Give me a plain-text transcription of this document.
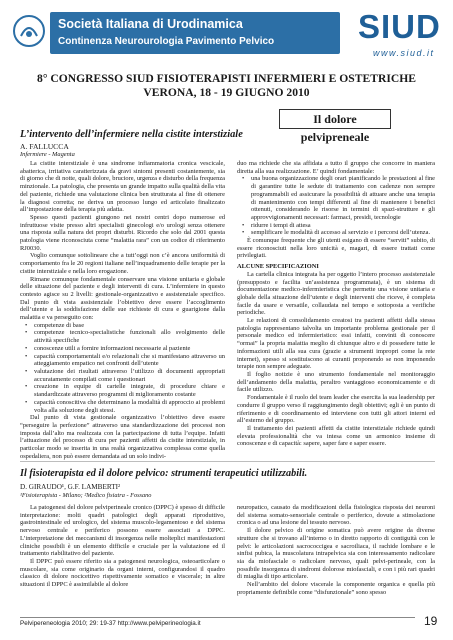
Società Italiana di Urodinamica
Continenza Neurourologia Pavimento Pelvico	SIUD
www.siud.it
8° CONGRESSO SIUD FISIOTERAPISTI INFERMIERI E OSTETRICHE
VERONA, 18 - 19 GIUGNO 2010
Il dolore pelvipreneale
L’intervento dell’infermiere nella cistite interstiziale
A. FALLUCCA
Infermiere - Magenta

La cistite interstiziale è una sindrome infiammatoria cronica vescicale, abatterica, irritativa caratterizzata da gravi sintomi presenti costantemente, sia di giorno che di notte, quali dolore, bruciore, urgenza e disturbo della frequenza minzionale. La patologia, che presenta un grande impatto sulla qualità della vita del paziente, richiede una valutazione clinica ben strutturata al fine di ottenere la diagnosi corretta; ne deriva un processo lungo ed articolato finalizzato all’impostazione della terapia più adatta.

Spesso questi pazienti giungono nei nostri centri dopo numerose ed infruttuose visite presso altri specialisti ginecologi e/o urologi senza ottenere una risposta sulla natura dei propri disturbi. Ricordo che solo dal 2001 questa patologia viene riconosciuta come “malattia rara” con un codice di riferimento RJ0030.

Voglio comunque sottolineare che a tutt’oggi non c’è ancora uniformità di comportamento fra le 20 regioni italiane nell’inquadramento delle terapie per la cistite interstiziale e nella loro erogazione.

Rimane comunque fondamentale conservare una visione unitaria e globale delle situazione del paziente e degli interventi di cura. L’infermiere in questo contesto agisce su 2 livelli: gestionale-organizzativo e assistenziale specifico. Dal punto di vista assistenziale l’obiettivo deve essere l’accoglimento dell’utente e la soddisfazione delle sue richieste di cura e guarigione dalla malattia e va perseguito con:

• competenze di base
• competenze tecnico-specialistiche funzionali allo svolgimento delle attività specifiche
• conoscenze utili a fornire informazioni necessarie al paziente
• capacità comportamentali e/o relazionali che si manifestano attraverso un atteggiamento empatico nei confronti dell’utente
• valutazione dei risultati attraverso l’utilizzo di documenti appropriati accuratamente compilati come i questionari
• creazione in equipe di cartelle integrate, di procedure chiare e standardizzate attraverso programmi di miglioramento costante
• capacità conoscitiva che determinano la modalità di approccio ai problemi volta alla soluzione degli stessi.

Dal punto di vista gestionale organizzativo l’obiettivo deve essere “perseguire la perfezione” attraverso una standardizzazione dei processi non imposta dall’alto ma realizzata con la partecipazione di tutta l’equipe. Infatti l’attuazione del processo di cura per pazienti affetti da cistite interstiziale, in particolar modo se inserita in una realtà organizzativa complessa come quella ospedaliera, non può essere demandata ad un solo indivi-

duo ma richiede che sia affidata a tutto il gruppo che concorre in maniera diretta alla sua realizzazione. E’ quindi fondamentale:

• una buona organizzazione degli orari pianificando le prestazioni al fine di garantire tutte le sedute di trattamento con cadenze non sempre programmabili ed assicurare la possibilità di attuare anche una terapia di mantenimento con tempi differenti al fine di mantenere i benefici ottenuti, considerando le risorse in termini di spazi-strutture e gli approvvigionamenti necessari: farmaci, presidi, tecnologie
• ridurre i tempi di attesa
• semplificare le modalità di accesso al servizio e i percorsi dell’utenza.

È comunque frequente che gli utenti esigano di essere “serviti” subito, di essere riconosciuti nella loro unicità e, magari, di essere trattati come privilegiati.

ALCUNE SPECIFICAZIONI

La cartella clinica integrata ha per oggetto l’intero processo assistenziale (presupposto e facilita un’assistenza programmata), è un sistema di documentazione medico-infermieristica che permette una visione unitaria e globale della situazione dell’utente e degli interventi che riceve, è completa facile da usare e versatile, collaudata nel tempo e sottoposta a verifiche periodiche.

Le relazioni di consolidamento creatosi tra pazienti affetti dalla stessa patologia rappresentano talvolta un importante problema gestionale per il personale medico ed infermieristico: essi infatti, convinti di conoscere “ormai” la propria malattia meglio di chiunque altro e di possedere tutte le informazioni utili alla sua cura (grazie a strumenti impropri come la rete internet), spesso si sostituiscono ai curanti proponendo se non imponendo terapie non sempre adeguate.

Il foglio notizie è uno strumento fondamentale nel monitoraggio dell’andamento della malattia, peraltro vantaggioso economicamente e di facile utilizzo.

Fondamentale è il ruolo del team leader che esercita la sua leadership per condurre il gruppo verso il raggiungimento degli obiettivi; egli è un punto di riferimento e di coordinamento ed interviene con tutti gli attori interni ed all’esterno del gruppo.

Il trattamento dei pazienti affetti da cistite interstiziale richiede quindi elevata professionalità che va intesa come un armonico insieme di conoscenze e di capacità: sapere, saper fare e saper essere.

Il fisioterapista ed il dolore pelvico: strumenti terapeutici utilizzabili.
D. GIRAUDO¹, G.F. LAMBERTI²
¹Fisioterapista - Milano; ²Medico fisiatra - Fossano

La patogenesi del dolore pelviperineale cronico (DPPC) è spesso di difficile interpretazione: molti quadri patologici degli apparati riproduttivo, gastrointestinale ed urologico, del sistema muscolo-legamentoso e del sistema nervoso centrale e periferico possono essere associati a DPPC. L’interpretazione dei meccanismi di insorgenza nelle molteplici manifestazioni cliniche possibili è un elemento difficile e cruciale per la valutazione ed il trattamento riabilitativo del paziente.

Il DPPC può essere riferito sia a patogenesi neurologica, osteoarticolare o muscolare, sia come originario da organi interni, configurandosi il quadro classico di dolore nocicettivo rispettivamente somatico e viscerale; in altre situazioni il DPPC è assimilabile al dolore

neuropatico, causato da modificazioni della fisiologica risposta dei neuroni del sistema somato-sensoriale centrale o periferico, dovute a stimolazione cronica o ad una lesione del tessuto nervoso.

Il dolore pelvico di origine somatica può avere origine da diverse strutture che si trovano all’interno o in diretto rapporto di contiguità con le pelvi: le articolazioni sacrococcigea e sacroiliaca, il rachide lombare e le sinfisi pubica, la muscolatura intrapelvica sia con interessamento radicolare sia da miofasciale o radicolare nervoso, quali pelvi-perineale, con la possibile insorgenza di sindromi dolorose miofasciali, e con i più rari quadri di miaglia di tipo articolare.

Nell’ambito del dolore viscerale la componente organica e quella più propriamente definibile come “disfunzionale” sono spesso

Pelvipereneologia 2010; 29: 19-37 http://www.pelviperineologia.it	19
